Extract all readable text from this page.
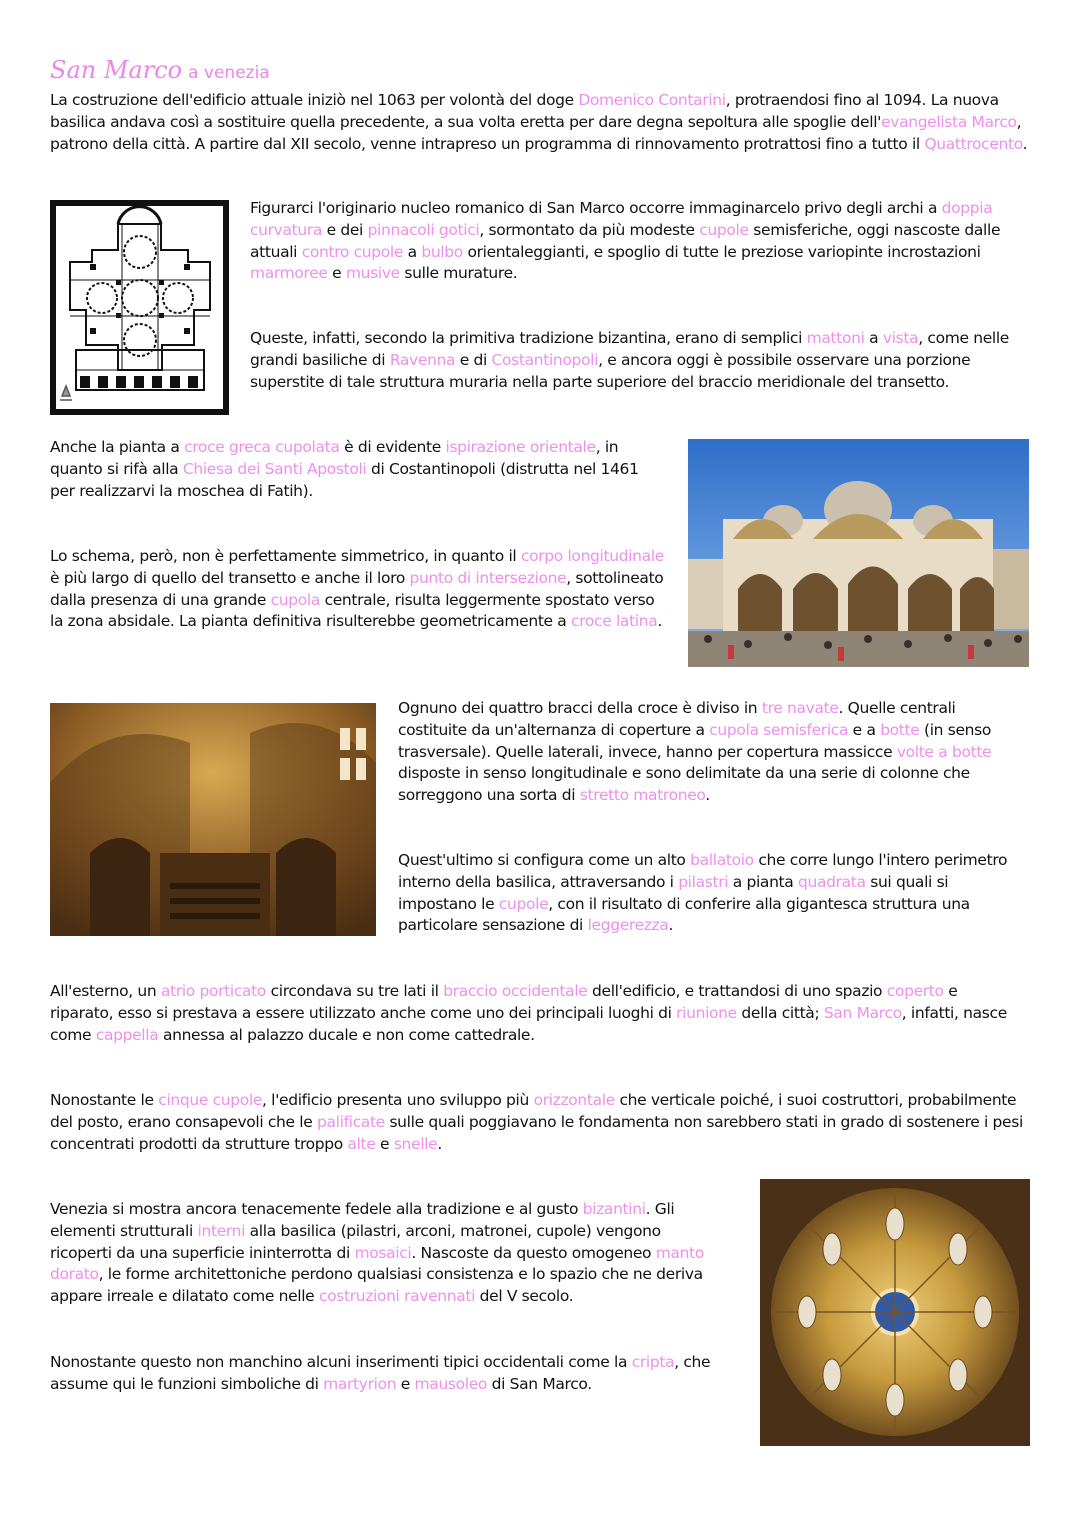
San Marco a venezia

La costruzione dell'edificio attuale iniziò nel 1063 per volontà del doge Domenico Contarini, protraendosi fino al 1094. La nuova basilica andava così a sostituire quella precedente, a sua volta eretta per dare degna sepoltura alle spoglie dell'evangelista Marco, patrono della città. A partire dal XII secolo, venne intrapreso un programma di rinnovamento protrattosi fino a tutto il Quattrocento.

Figurarci l'originario nucleo romanico di San Marco occorre immaginarcelo privo degli archi a doppia curvatura e dei pinnacoli gotici, sormontato da più modeste cupole semisferiche, oggi nascoste dalle attuali contro cupole a bulbo orientaleggianti, e spoglio di tutte le preziose variopinte incrostazioni marmoree e musive sulle murature.

Queste, infatti, secondo la primitiva tradizione bizantina, erano di semplici mattoni a vista, come nelle grandi basiliche di Ravenna e di Costantinopoli, e ancora oggi è possibile osservare una porzione superstite di tale struttura muraria nella parte superiore del braccio meridionale del transetto.

Anche la pianta a croce greca cupolata è di evidente ispirazione orientale, in quanto si rifà alla Chiesa dei Santi Apostoli di Costantinopoli (distrutta nel 1461 per realizzarvi la moschea di Fatih).

Lo schema, però, non è perfettamente simmetrico, in quanto il corpo longitudinale è più largo di quello del transetto e anche il loro punto di intersezione, sottolineato dalla presenza di una grande cupola centrale, risulta leggermente spostato verso la zona absidale. La pianta definitiva risulterebbe geometricamente a croce latina.

Ognuno dei quattro bracci della croce è diviso in tre navate. Quelle centrali costituite da un'alternanza di coperture a cupola semisferica e a botte (in senso trasversale). Quelle laterali, invece, hanno per copertura massicce volte a botte disposte in senso longitudinale e sono delimitate da una serie di colonne che sorreggono una sorta di stretto matroneo.

Quest'ultimo si configura come un alto ballatoio che corre lungo l'intero perimetro interno della basilica, attraversando i pilastri a pianta quadrata sui quali si impostano le cupole, con il risultato di conferire alla gigantesca struttura una particolare sensazione di leggerezza.

All'esterno, un atrio porticato circondava su tre lati il braccio occidentale dell'edificio, e trattandosi di uno spazio coperto e riparato, esso si prestava a essere utilizzato anche come uno dei principali luoghi di riunione della città; San Marco, infatti, nasce come cappella annessa al palazzo ducale e non come cattedrale.

Nonostante le cinque cupole, l'edificio presenta uno sviluppo più orizzontale che verticale poiché, i suoi costruttori, probabilmente del posto, erano consapevoli che le palificate sulle quali poggiavano le fondamenta non sarebbero stati in grado di sostenere i pesi concentrati prodotti da strutture troppo alte e snelle.

Venezia si mostra ancora tenacemente fedele alla tradizione e al gusto bizantini. Gli elementi strutturali interni alla basilica (pilastri, arconi, matronei, cupole) vengono ricoperti da una superficie ininterrotta di mosaici. Nascoste da questo omogeneo manto dorato, le forme architettoniche perdono qualsiasi consistenza e lo spazio che ne deriva appare irreale e dilatato come nelle costruzioni ravennati del V secolo.

Nonostante questo non manchino alcuni inserimenti tipici occidentali come la cripta, che assume qui le funzioni simboliche di martyrion e mausoleo di San Marco.
